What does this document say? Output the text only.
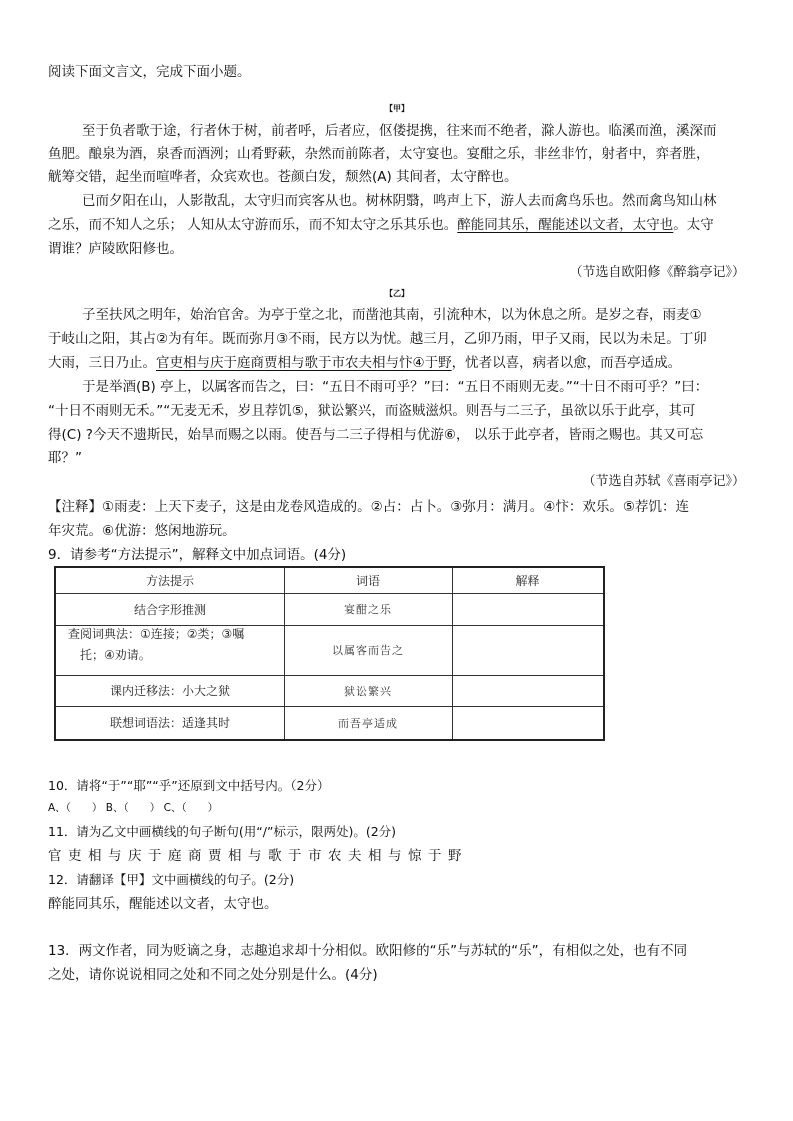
阅读下面文言文，完成下面小题。
【甲】
至于负者歌于途，行者休于树，前者呼，后者应，伛偻提携，往来而不绝者，滁人游也。临溪而渔，溪深而
鱼肥。酿泉为酒，泉香而酒洌；山肴野蔌，杂然而前陈者，太守宴也。宴酣之乐，非丝非竹，射者中，弈者胜，
觥筹交错，起坐而喧哗者，众宾欢也。苍颜白发，颓然(A) 其间者，太守醉也。
已而夕阳在山，人影散乱，太守归而宾客从也。树林阴翳，鸣声上下，游人去而禽鸟乐也。然而禽鸟知山林
之乐，而不知人之乐； 人知从太守游而乐，而不知太守之乐其乐也。醉能同其乐，醒能述以文者，太守也。太守
谓谁？庐陵欧阳修也。
（节选自欧阳修《醉翁亭记》）
【乙】
子至扶风之明年，始治官舍。为亭于堂之北，而凿池其南，引流种木，以为休息之所。是岁之春，雨麦①
于岐山之阳，其占②为有年。既而弥月③不雨，民方以为忧。越三月，乙卯乃雨，甲子又雨，民以为未足。丁卯
大雨，三日乃止。官吏相与庆于庭商贾相与歌于市农夫相与忭④于野，忧者以喜，病者以愈，而吾亭适成。
于是举酒(B) 亭上，以属客而告之，曰：“五日不雨可乎？”曰：“五日不雨则无麦。”“十日不雨可乎？”曰：
“十日不雨则无禾。”“无麦无禾，岁且荐饥⑤，狱讼繁兴，而盗贼滋炽。则吾与二三子，虽欲以乐于此亭，其可
得(C) ?今天不遗斯民，始旱而赐之以雨。使吾与二三子得相与优游⑥， 以乐于此亭者，皆雨之赐也。其又可忘
耶？”
（节选自苏轼《喜雨亭记》）
【注释】①雨麦：上天下麦子，这是由龙卷风造成的。②占：占卜。③弥月：满月。④忭：欢乐。⑤荐饥：连
年灾荒。⑥优游：悠闲地游玩。
9．请参考“方法提示”，解释文中加点词语。(4分)
方法提示	词语	解释
结合字形推测	宴酣之乐
查阅词典法：①连接；②类；③嘱
托；④劝请。	以属客而告之
课内迁移法：小大之狱	狱讼繁兴
联想词语法：适逢其时	而吾亭适成
10．请将“于”“耶”“乎”还原到文中括号内。（2分）
A、（　　） B、（　　） C、（　　）
11．请为乙文中画横线的句子断句(用“/”标示，限两处)。(2分)
官吏相与庆于庭商贾相与歌于市农夫相与惊于野
12．请翻译【甲】文中画横线的句子。(2分)
醉能同其乐，醒能述以文者，太守也。
13．两文作者，同为贬谪之身，志趣追求却十分相似。欧阳修的“乐”与苏轼的“乐”，有相似之处，也有不同
之处，请你说说相同之处和不同之处分别是什么。(4分)
